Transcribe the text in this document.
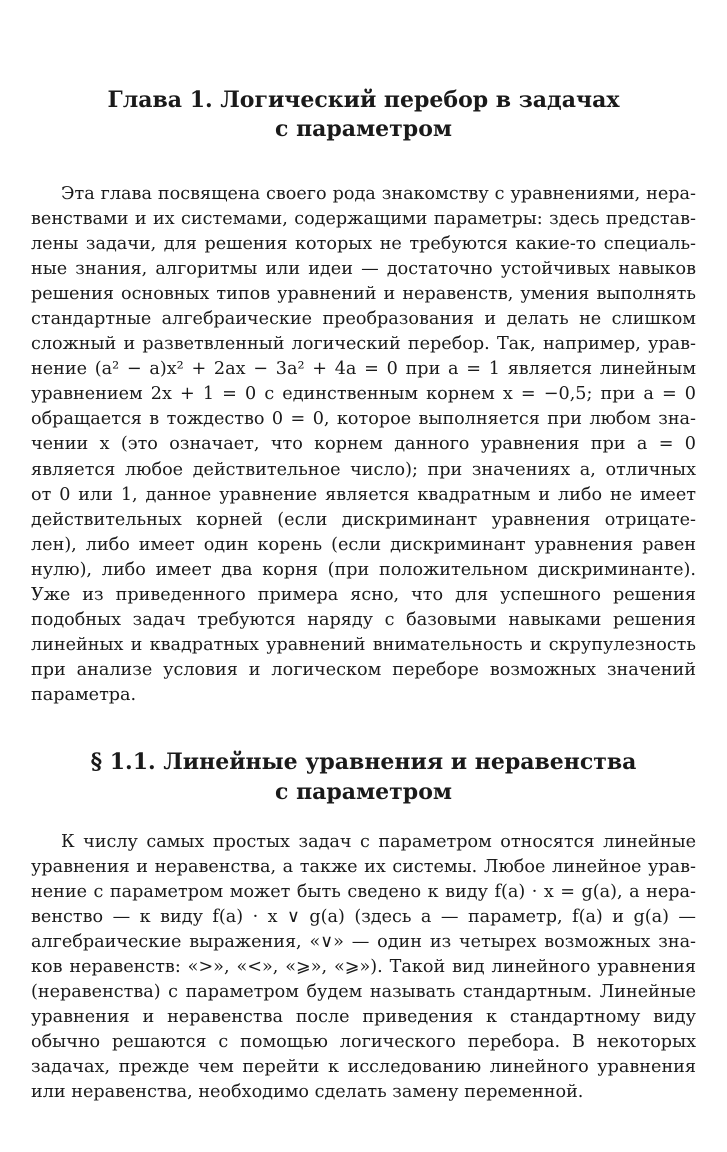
Глава 1. Логический перебор в задачах
с параметром
Эта глава посвящена своего рода знакомству с уравнениями, нера-
венствами и их системами, содержащими параметры: здесь представ-
лены задачи, для решения которых не требуются какие-то специаль-
ные знания, алгоритмы или идеи — достаточно устойчивых навыков
решения основных типов уравнений и неравенств, умения выполнять
стандартные алгебраические преобразования и делать не слишком
сложный и разветвленный логический перебор. Так, например, урав-
нение (a² − a)x² + 2ax − 3a² + 4a = 0 при a = 1 является линейным
уравнением 2x + 1 = 0 с единственным корнем x = −0,5; при a = 0
обращается в тождество 0 = 0, которое выполняется при любом зна-
чении x (это означает, что корнем данного уравнения при a = 0
является любое действительное число); при значениях a, отличных
от 0 или 1, данное уравнение является квадратным и либо не имеет
действительных корней (если дискриминант уравнения отрицате-
лен), либо имеет один корень (если дискриминант уравнения равен
нулю), либо имеет два корня (при положительном дискриминанте).
Уже из приведенного примера ясно, что для успешного решения
подобных задач требуются наряду с базовыми навыками решения
линейных и квадратных уравнений внимательность и скрупулезность
при анализе условия и логическом переборе возможных значений
параметра.
§ 1.1. Линейные уравнения и неравенства
с параметром
К числу самых простых задач с параметром относятся линейные
уравнения и неравенства, а также их системы. Любое линейное урав-
нение с параметром может быть сведено к виду f(a) · x = g(a), а нера-
венство — к виду f(a) · x ∨ g(a) (здесь a — параметр, f(a) и g(a) —
алгебраические выражения, «∨» — один из четырех возможных зна-
ков неравенств: «>», «<», «⩾», «⩾»). Такой вид линейного уравнения
(неравенства) с параметром будем называть стандартным. Линейные
уравнения и неравенства после приведения к стандартному виду
обычно решаются с помощью логического перебора. В некоторых
задачах, прежде чем перейти к исследованию линейного уравнения
или неравенства, необходимо сделать замену переменной.
